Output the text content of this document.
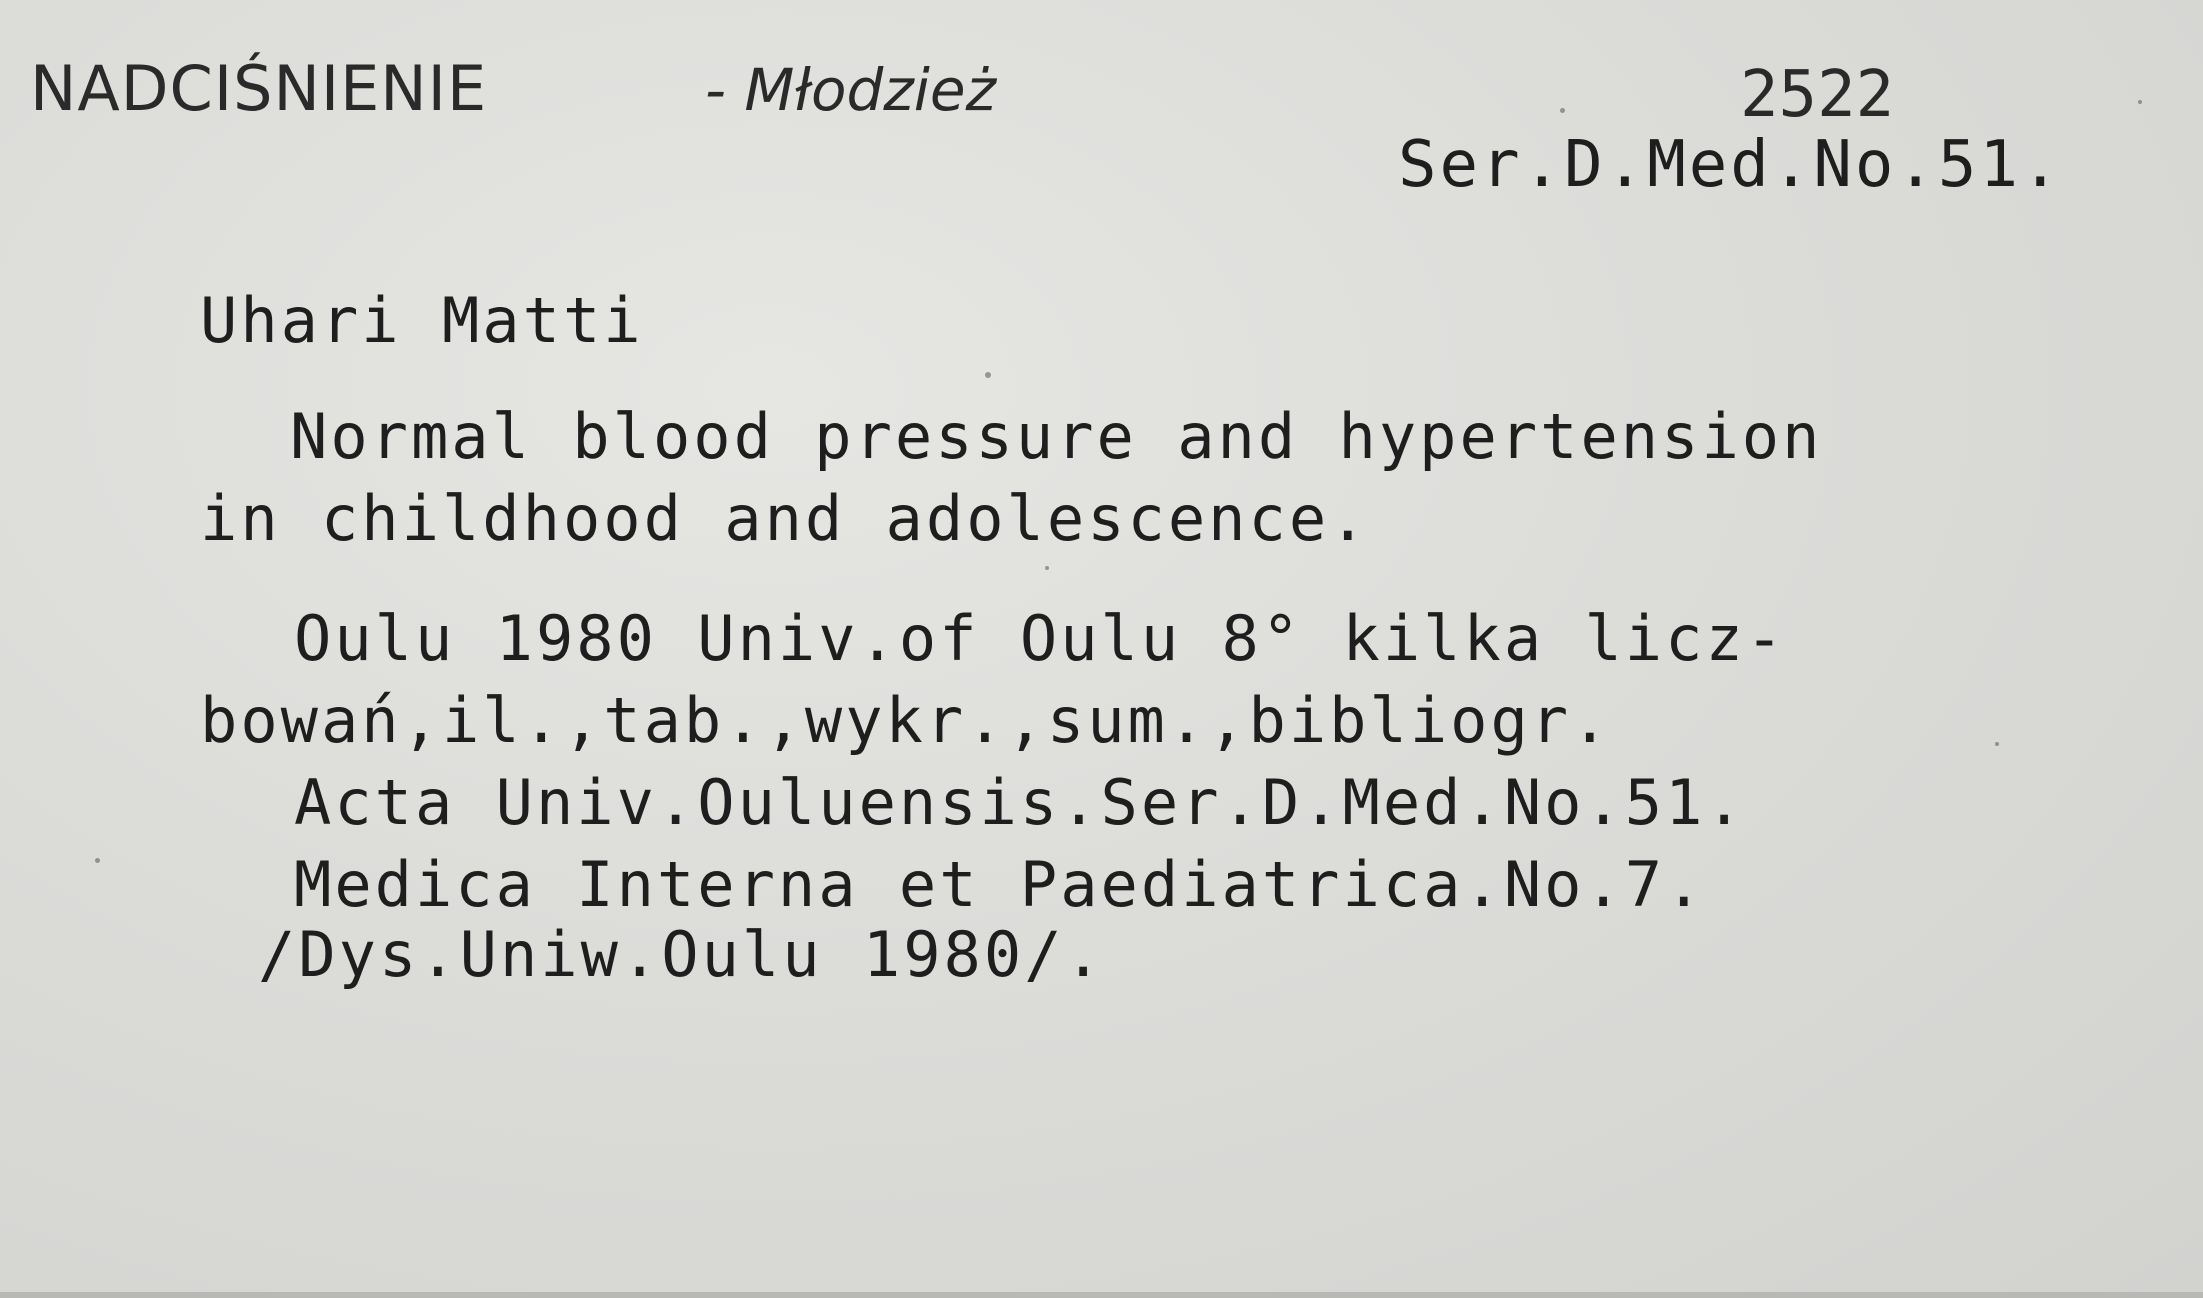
NADCIŚNIENIE	- Młodzież	2522
Ser.D.Med.No.51.
Uhari Matti
Normal blood pressure and hypertension
in childhood and adolescence.
Oulu 1980 Univ.of Oulu 8° kilka licz-
bowań,il.,tab.,wykr.,sum.,bibliogr.
Acta Univ.Ouluensis.Ser.D.Med.No.51.
Medica Interna et Paediatrica.No.7.
/Dys.Uniw.Oulu 1980/.
